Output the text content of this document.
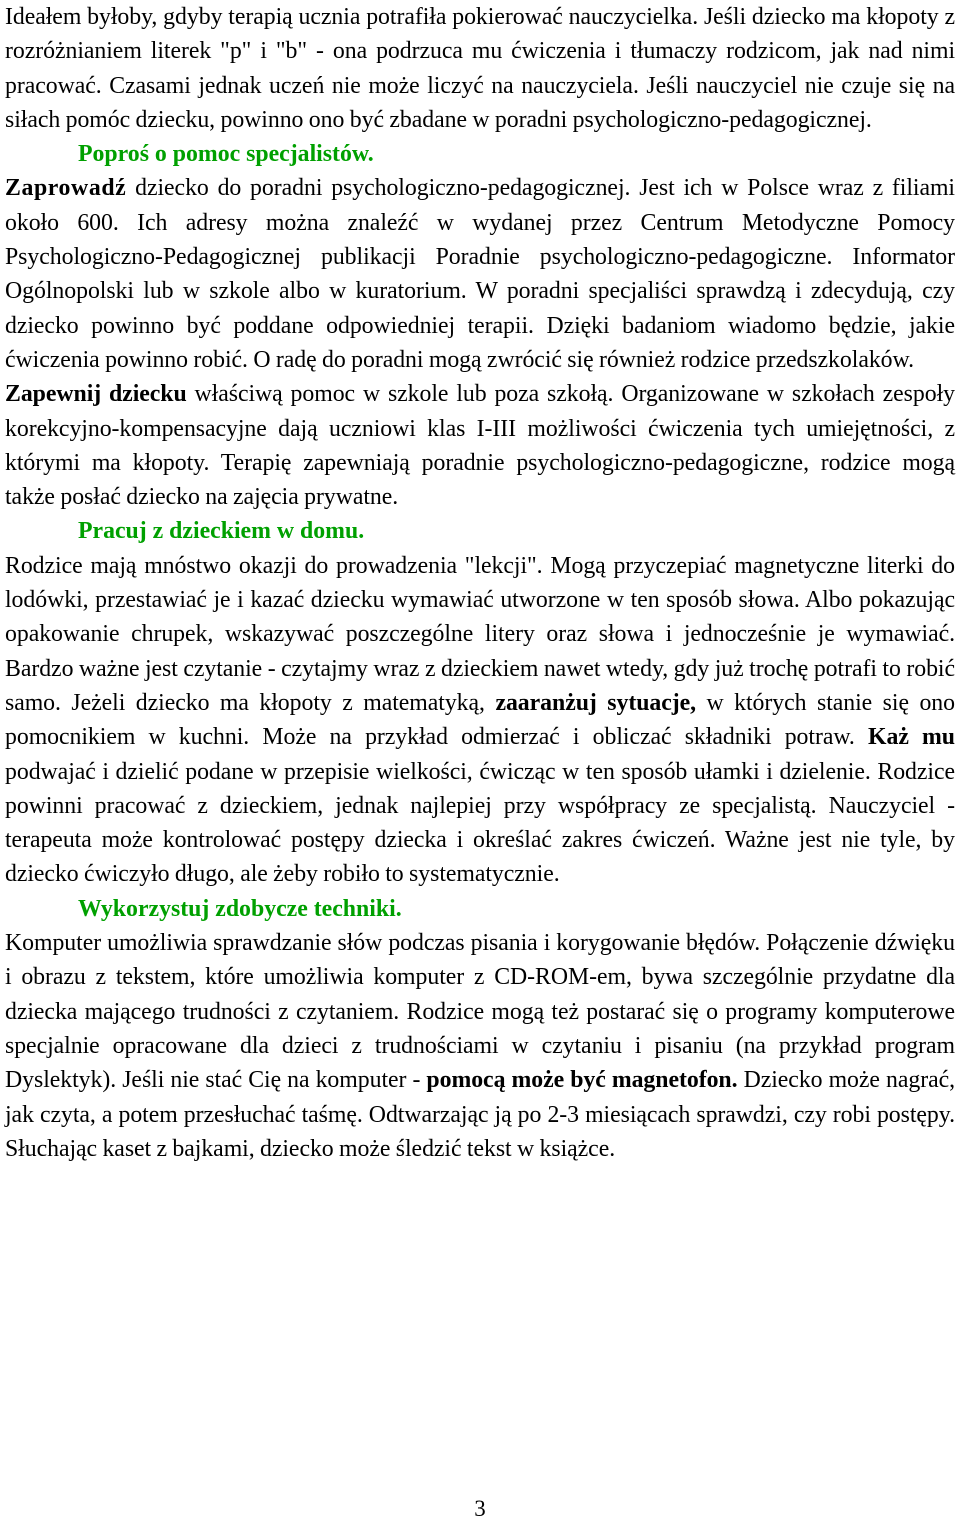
Ideałem byłoby, gdyby terapią ucznia potrafiła pokierować nauczycielka. Jeśli dziecko ma kłopoty z rozróżnianiem literek "p" i "b" - ona podrzuca mu ćwiczenia i tłumaczy rodzicom, jak nad nimi pracować. Czasami jednak uczeń nie może liczyć na nauczyciela. Jeśli nauczyciel nie czuje się na siłach pomóc dziecku, powinno ono być zbadane w poradni psychologiczno-pedagogicznej.

Poproś o pomoc specjalistów.

Zaprowadź dziecko do poradni psychologiczno-pedagogicznej. Jest ich w Polsce wraz z filiami około 600. Ich adresy można znaleźć w wydanej przez Centrum Metodyczne Pomocy Psychologiczno-Pedagogicznej publikacji Poradnie psychologiczno-pedagogiczne. Informator Ogólnopolski lub w szkole albo w kuratorium. W poradni specjaliści sprawdzą i zdecydują, czy dziecko powinno być poddane odpowiedniej terapii. Dzięki badaniom wiadomo będzie, jakie ćwiczenia powinno robić. O radę do poradni mogą zwrócić się również rodzice przedszkolaków.

Zapewnij dziecku właściwą pomoc w szkole lub poza szkołą. Organizowane w szkołach zespoły korekcyjno-kompensacyjne dają uczniowi klas I-III możliwości ćwiczenia tych umiejętności, z którymi ma kłopoty. Terapię zapewniają poradnie psychologiczno-pedagogiczne, rodzice mogą także posłać dziecko na zajęcia prywatne.

Pracuj z dzieckiem w domu.

Rodzice mają mnóstwo okazji do prowadzenia "lekcji". Mogą przyczepiać magnetyczne literki do lodówki, przestawiać je i kazać dziecku wymawiać utworzone w ten sposób słowa. Albo pokazując opakowanie chrupek, wskazywać poszczególne litery oraz słowa i jednocześnie je wymawiać. Bardzo ważne jest czytanie - czytajmy wraz z dzieckiem nawet wtedy, gdy już trochę potrafi to robić samo. Jeżeli dziecko ma kłopoty z matematyką, zaaranżuj sytuacje, w których stanie się ono pomocnikiem w kuchni. Może na przykład odmierzać i obliczać składniki potraw. Każ mu podwajać i dzielić podane w przepisie wielkości, ćwicząc w ten sposób ułamki i dzielenie. Rodzice powinni pracować z dzieckiem, jednak najlepiej przy współpracy ze specjalistą. Nauczyciel - terapeuta może kontrolować postępy dziecka i określać zakres ćwiczeń. Ważne jest nie tyle, by dziecko ćwiczyło długo, ale żeby robiło to systematycznie.

Wykorzystuj zdobycze techniki.

Komputer umożliwia sprawdzanie słów podczas pisania i korygowanie błędów. Połączenie dźwięku i obrazu z tekstem, które umożliwia komputer z CD-ROM-em, bywa szczególnie przydatne dla dziecka mającego trudności z czytaniem. Rodzice mogą też postarać się o programy komputerowe specjalnie opracowane dla dzieci z trudnościami w czytaniu i pisaniu (na przykład program Dyslektyk). Jeśli nie stać Cię na komputer - pomocą może być magnetofon. Dziecko może nagrać, jak czyta, a potem przesłuchać taśmę. Odtwarzając ją po 2-3 miesiącach sprawdzi, czy robi postępy. Słuchając kaset z bajkami, dziecko może śledzić tekst w książce.

3
